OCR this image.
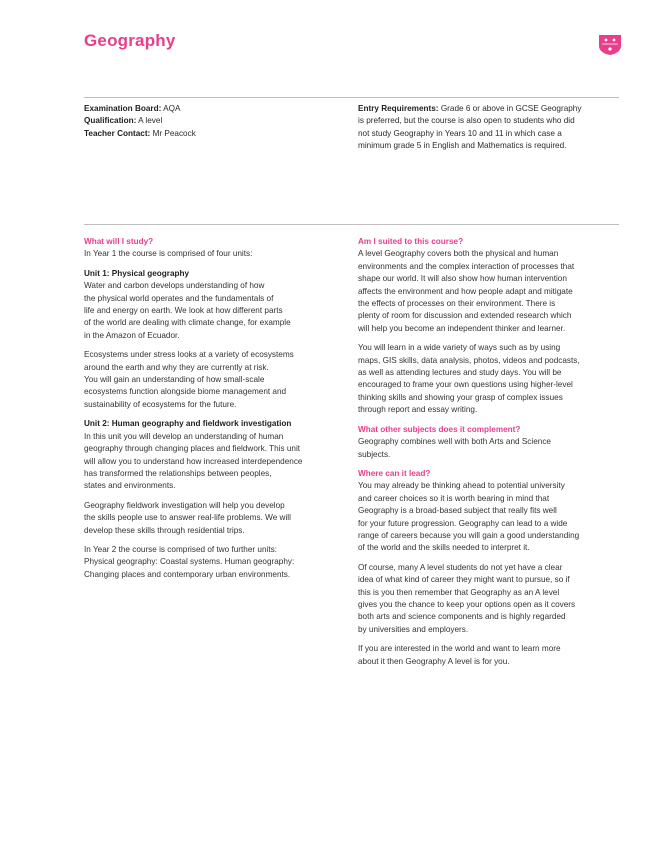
Geography
Examination Board: AQA
Qualification: A level
Teacher Contact: Mr Peacock
Entry Requirements: Grade 6 or above in GCSE Geography
is preferred, but the course is also open to students who did
not study Geography in Years 10 and 11 in which case a
minimum grade 5 in English and Mathematics is required.
What will I study?

In Year 1 the course is comprised of four units:

Unit 1: Physical geography

Water and carbon develops understanding of how

the physical world operates and the fundamentals of

life and energy on earth. We look at how different parts

of the world are dealing with climate change, for example

in the Amazon of Ecuador.

Ecosystems under stress looks at a variety of ecosystems

around the earth and why they are currently at risk.

You will gain an understanding of how small-scale

ecosystems function alongside biome management and

sustainability of ecosystems for the future.

Unit 2: Human geography and fieldwork investigation

In this unit you will develop an understanding of human

geography through changing places and fieldwork. This unit

will allow you to understand how increased interdependence

has transformed the relationships between peoples,

states and environments.

Geography fieldwork investigation will help you develop

the skills people use to answer real-life problems. We will

develop these skills through residential trips.

In Year 2 the course is comprised of two further units:

Physical geography: Coastal systems. Human geography:

Changing places and contemporary urban environments.

Am I suited to this course?

A level Geography covers both the physical and human

environments and the complex interaction of processes that

shape our world. It will also show how human intervention

affects the environment and how people adapt and mitigate

the effects of processes on their environment. There is

plenty of room for discussion and extended research which

will help you become an independent thinker and learner.

You will learn in a wide variety of ways such as by using

maps, GIS skills, data analysis, photos, videos and podcasts,

as well as attending lectures and study days. You will be

encouraged to frame your own questions using higher-level

thinking skills and showing your grasp of complex issues

through report and essay writing.

What other subjects does it complement?

Geography combines well with both Arts and Science

subjects.

Where can it lead?

You may already be thinking ahead to potential university

and career choices so it is worth bearing in mind that

Geography is a broad-based subject that really fits well

for your future progression. Geography can lead to a wide

range of careers because you will gain a good understanding

of the world and the skills needed to interpret it.

Of course, many A level students do not yet have a clear

idea of what kind of career they might want to pursue, so if

this is you then remember that Geography as an A level

gives you the chance to keep your options open as it covers

both arts and science components and is highly regarded

by universities and employers.

If you are interested in the world and want to learn more

about it then Geography A level is for you.
